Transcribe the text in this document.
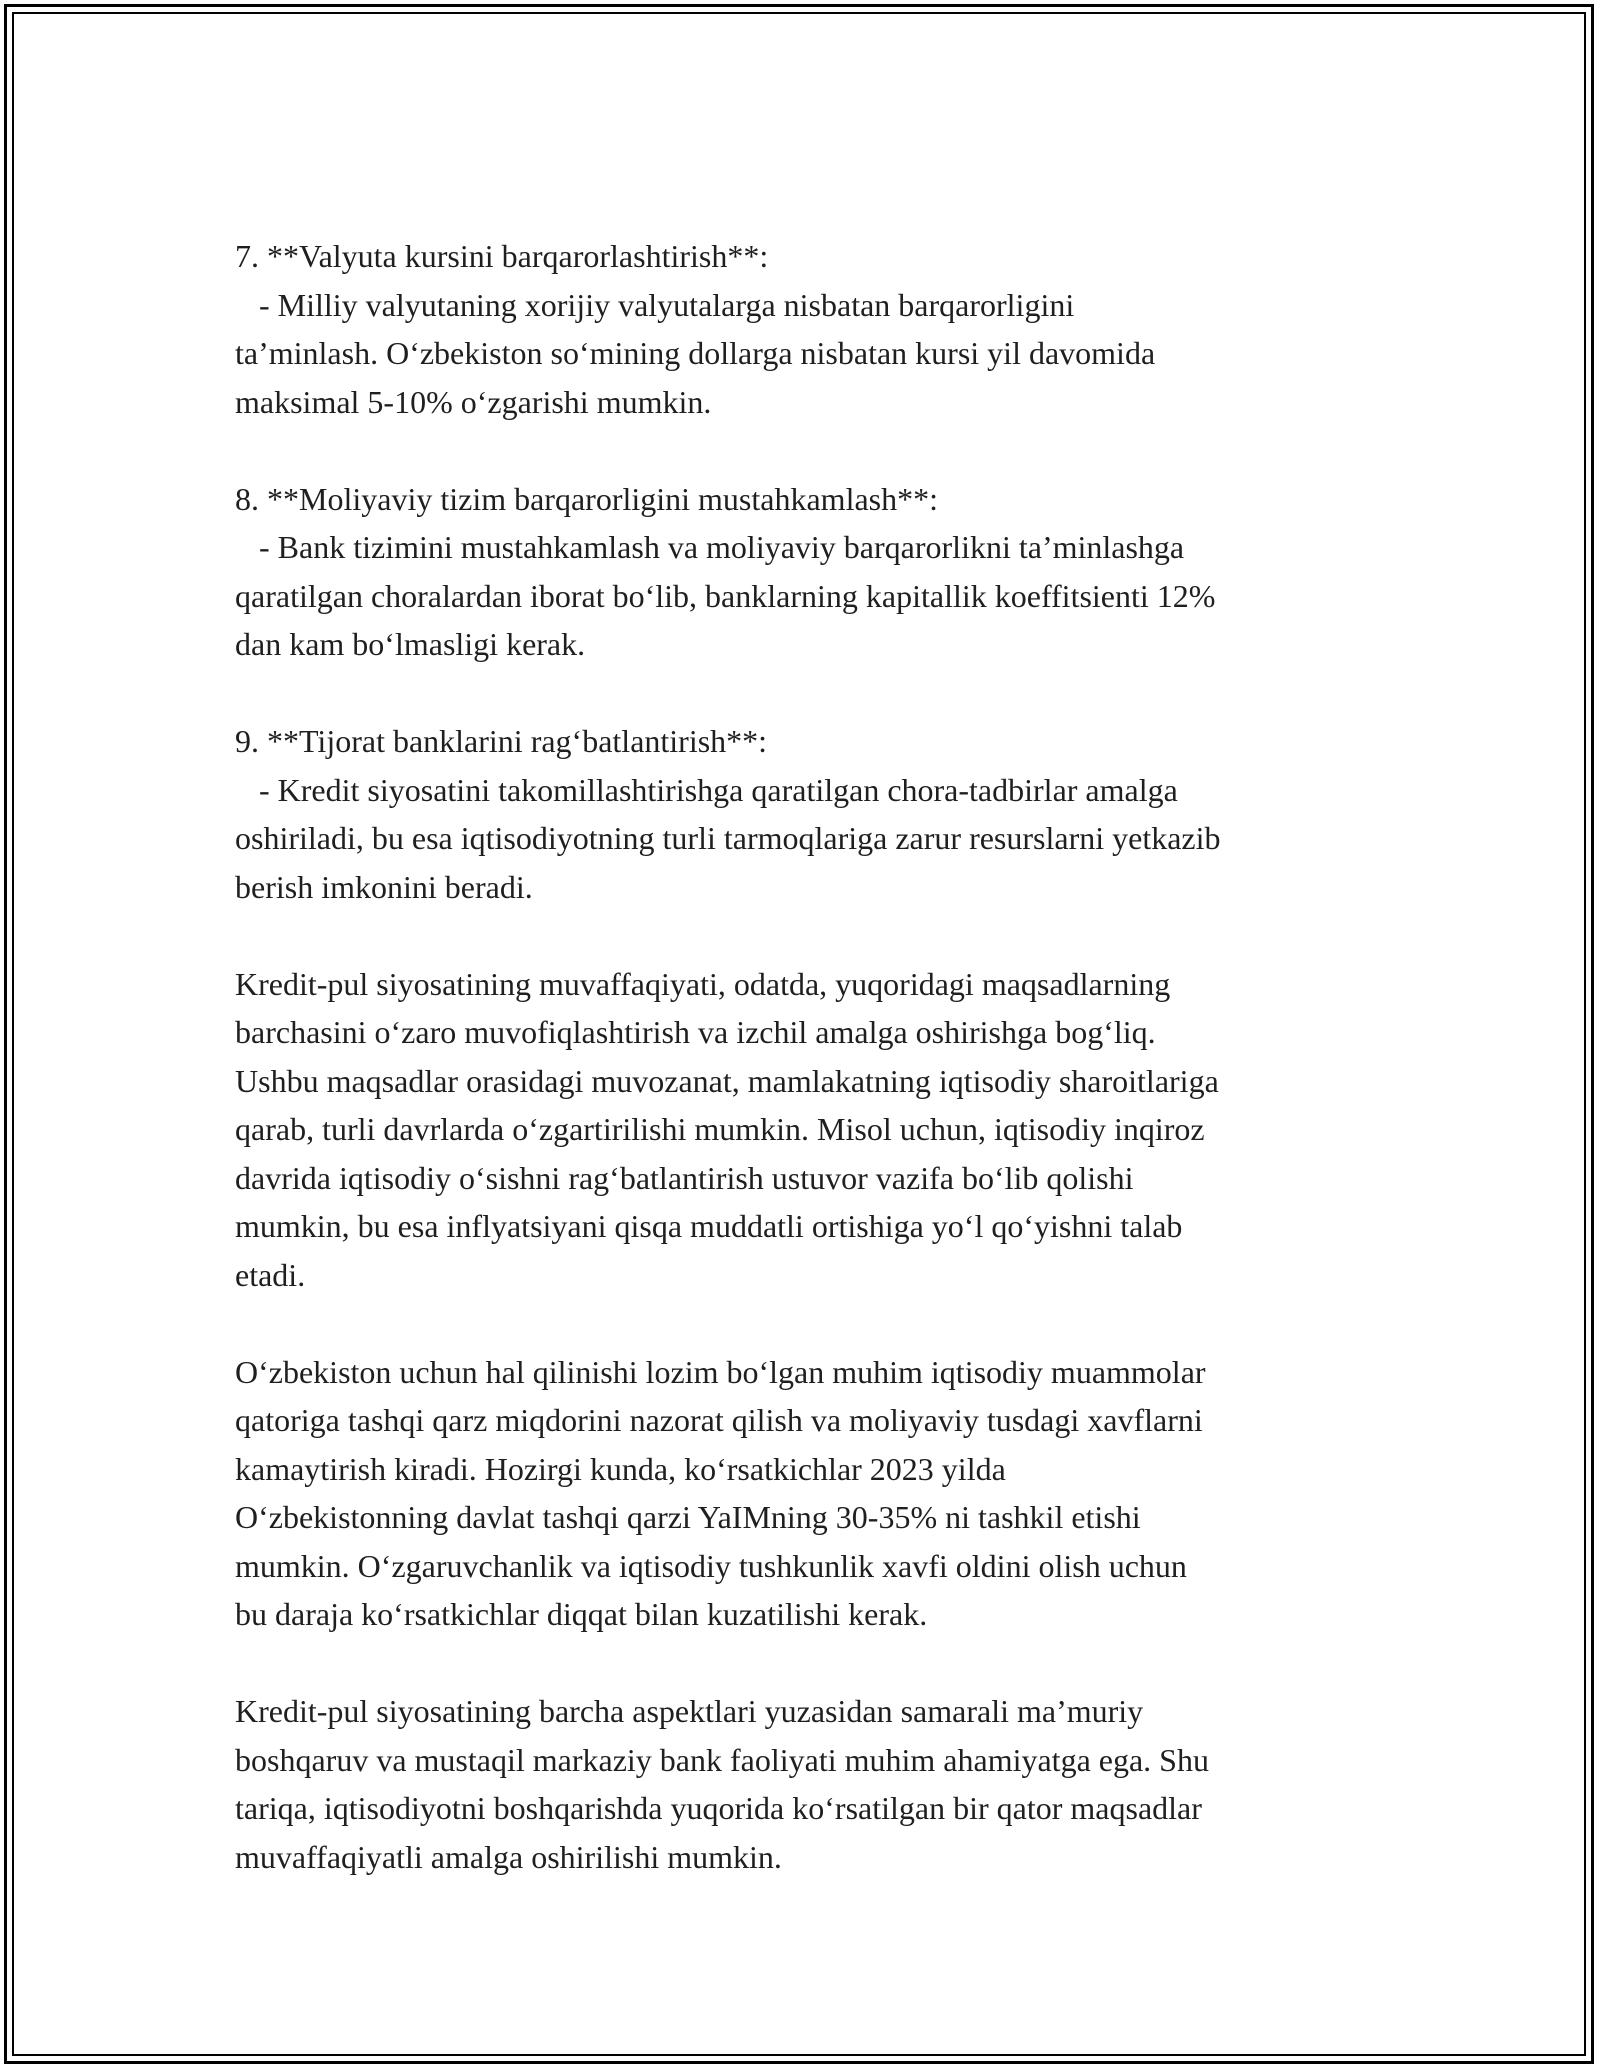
7. **Valyuta kursini barqarorlashtirish**:
- Milliy valyutaning xorijiy valyutalarga nisbatan barqarorligini
ta’minlash. O‘zbekiston so‘mining dollarga nisbatan kursi yil davomida
maksimal 5-10% o‘zgarishi mumkin.
8. **Moliyaviy tizim barqarorligini mustahkamlash**:
- Bank tizimini mustahkamlash va moliyaviy barqarorlikni ta’minlashga
qaratilgan choralardan iborat bo‘lib, banklarning kapitallik koeffitsienti 12%
dan kam bo‘lmasligi kerak.
9. **Tijorat banklarini rag‘batlantirish**:
- Kredit siyosatini takomillashtirishga qaratilgan chora-tadbirlar amalga
oshiriladi, bu esa iqtisodiyotning turli tarmoqlariga zarur resurslarni yetkazib
berish imkonini beradi.
Kredit-pul siyosatining muvaffaqiyati, odatda, yuqoridagi maqsadlarning
barchasini o‘zaro muvofiqlashtirish va izchil amalga oshirishga bog‘liq.
Ushbu maqsadlar orasidagi muvozanat, mamlakatning iqtisodiy sharoitlariga
qarab, turli davrlarda o‘zgartirilishi mumkin. Misol uchun, iqtisodiy inqiroz
davrida iqtisodiy o‘sishni rag‘batlantirish ustuvor vazifa bo‘lib qolishi
mumkin, bu esa inflyatsiyani qisqa muddatli ortishiga yo‘l qo‘yishni talab
etadi.
O‘zbekiston uchun hal qilinishi lozim bo‘lgan muhim iqtisodiy muammolar
qatoriga tashqi qarz miqdorini nazorat qilish va moliyaviy tusdagi xavflarni
kamaytirish kiradi. Hozirgi kunda, ko‘rsatkichlar 2023 yilda
O‘zbekistonning davlat tashqi qarzi YaIMning 30-35% ni tashkil etishi
mumkin. O‘zgaruvchanlik va iqtisodiy tushkunlik xavfi oldini olish uchun
bu daraja ko‘rsatkichlar diqqat bilan kuzatilishi kerak.
Kredit-pul siyosatining barcha aspektlari yuzasidan samarali ma’muriy
boshqaruv va mustaqil markaziy bank faoliyati muhim ahamiyatga ega. Shu
tariqa, iqtisodiyotni boshqarishda yuqorida ko‘rsatilgan bir qator maqsadlar
muvaffaqiyatli amalga oshirilishi mumkin.
